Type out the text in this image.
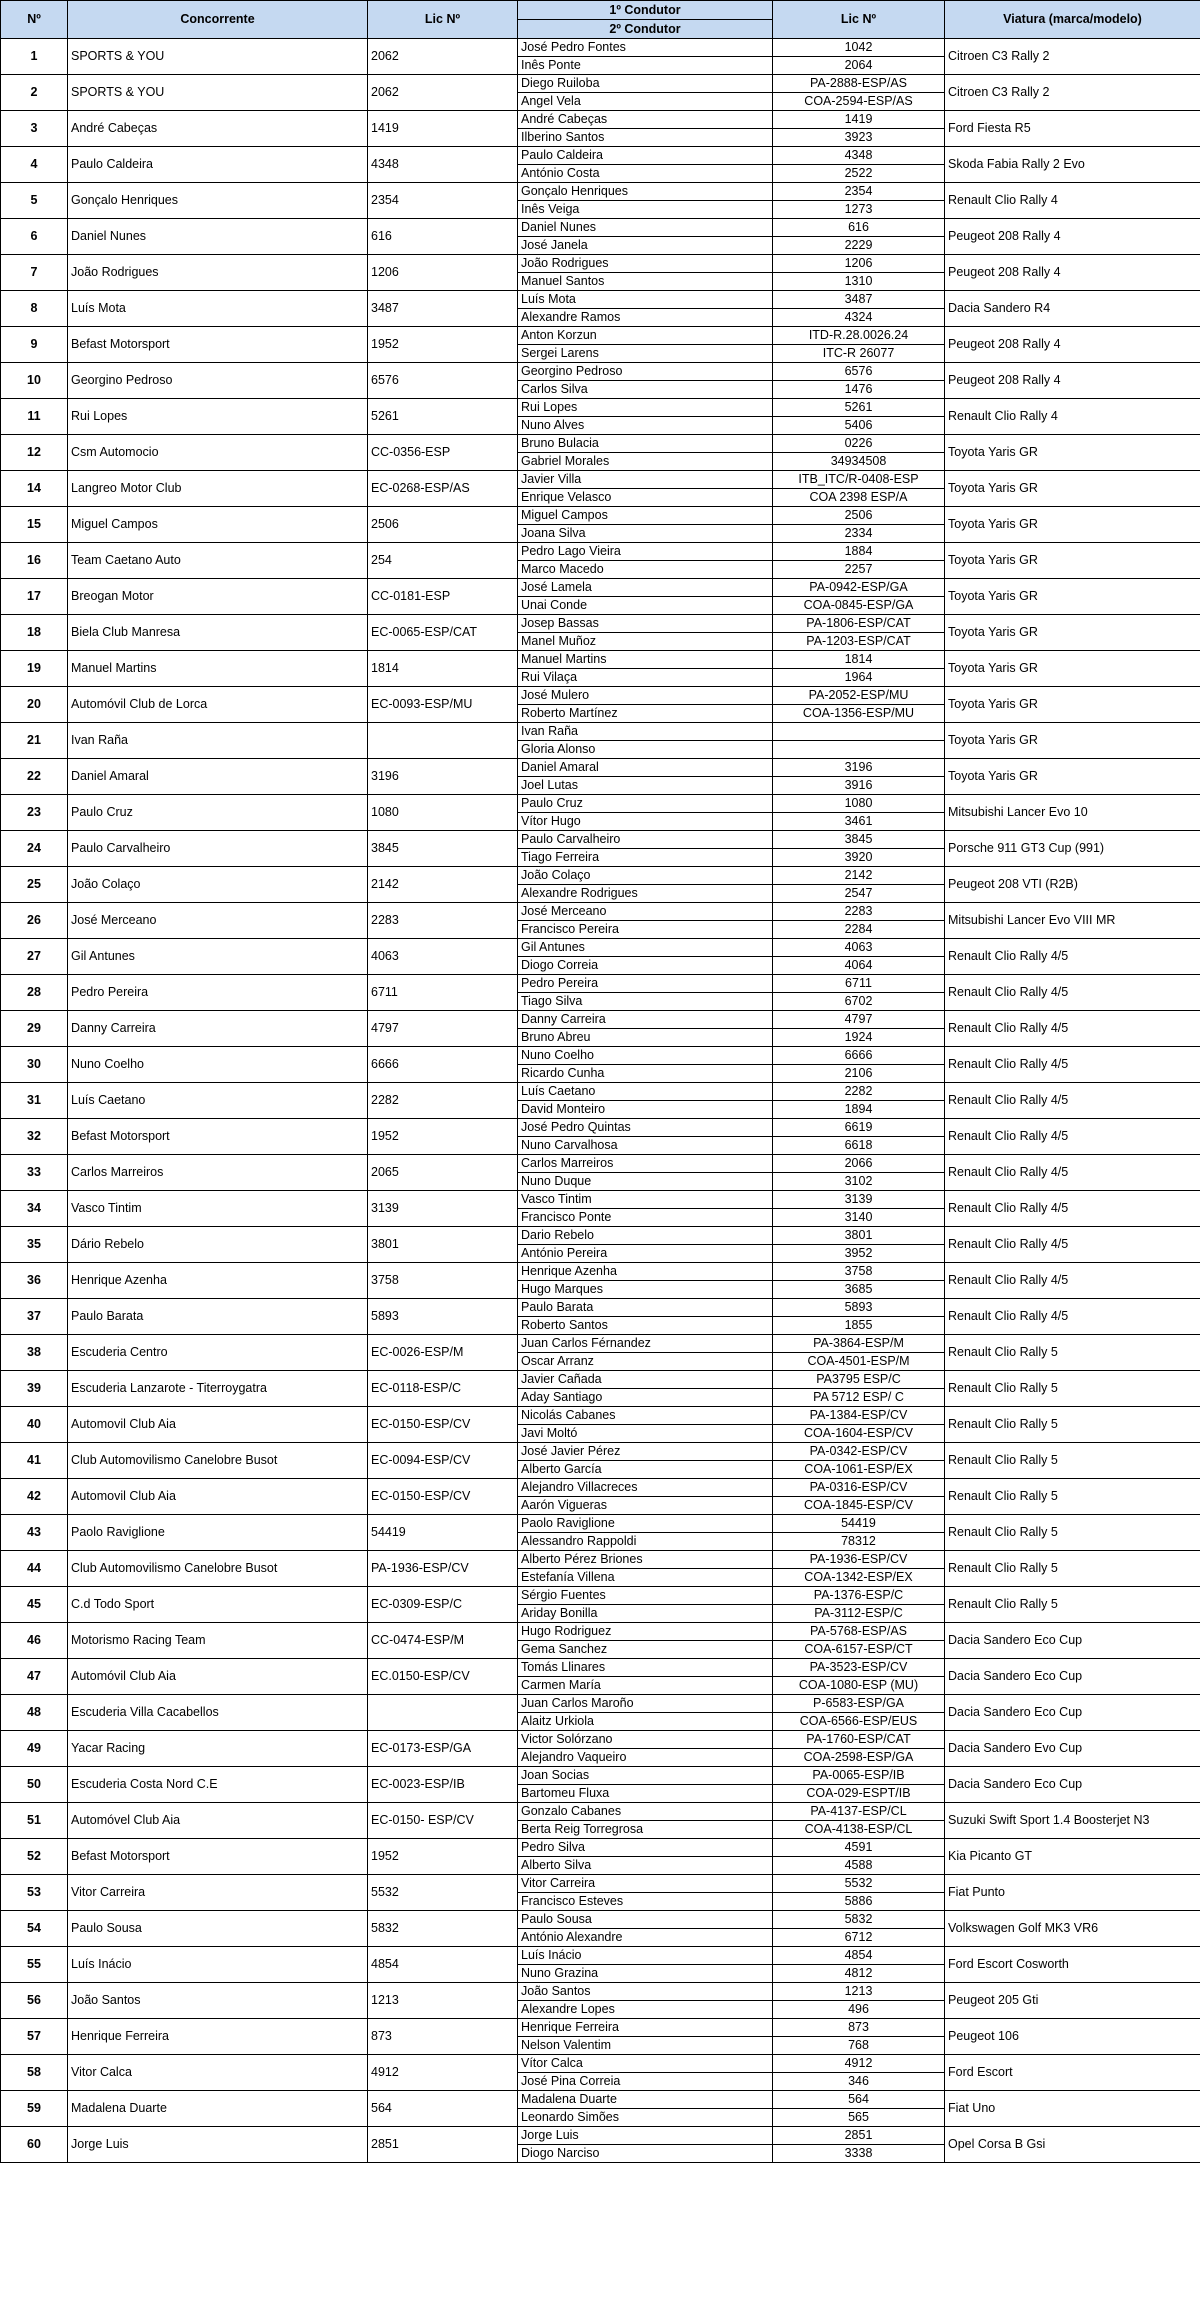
Nº	Concorrente	Lic Nº	1º Condutor	Lic Nº	Viatura (marca/modelo)
			2º Condutor		
1	SPORTS & YOU	2062	José Pedro Fontes	1042	Citroen C3 Rally 2
			Inês Ponte	2064	
2	SPORTS & YOU	2062	Diego Ruiloba	PA-2888-ESP/AS	Citroen C3 Rally 2
			Angel Vela	COA-2594-ESP/AS	
3	André Cabeças	1419	André Cabeças	1419	Ford Fiesta R5
			Ilberino Santos	3923	
4	Paulo Caldeira	4348	Paulo Caldeira	4348	Skoda Fabia Rally 2 Evo
			António Costa	2522	
5	Gonçalo Henriques	2354	Gonçalo Henriques	2354	Renault Clio Rally 4
			Inês Veiga	1273	
6	Daniel Nunes	616	Daniel Nunes	616	Peugeot 208 Rally 4
			José Janela	2229	
7	João Rodrigues	1206	João Rodrigues	1206	Peugeot 208 Rally 4
			Manuel Santos	1310	
8	Luís Mota	3487	Luís Mota	3487	Dacia Sandero R4
			Alexandre Ramos	4324	
9	Befast Motorsport	1952	Anton Korzun	ITD-R.28.0026.24	Peugeot 208 Rally 4
			Sergei Larens	ITC-R 26077	
10	Georgino Pedroso	6576	Georgino Pedroso	6576	Peugeot 208 Rally 4
			Carlos Silva	1476	
11	Rui Lopes	5261	Rui Lopes	5261	Renault Clio Rally 4
			Nuno Alves	5406	
12	Csm Automocio	CC-0356-ESP	Bruno Bulacia	0226	Toyota Yaris GR
			Gabriel Morales	34934508	
14	Langreo Motor Club	EC-0268-ESP/AS	Javier Villa	ITB_ITC/R-0408-ESP	Toyota Yaris GR
			Enrique Velasco	COA 2398 ESP/A	
15	Miguel Campos	2506	Miguel Campos	2506	Toyota Yaris GR
			Joana Silva	2334	
16	Team Caetano Auto	254	Pedro Lago Vieira	1884	Toyota Yaris GR
			Marco Macedo	2257	
17	Breogan Motor	CC-0181-ESP	José Lamela	PA-0942-ESP/GA	Toyota Yaris GR
			Unai Conde	COA-0845-ESP/GA	
18	Biela Club Manresa	EC-0065-ESP/CAT	Josep Bassas	PA-1806-ESP/CAT	Toyota Yaris GR
			Manel Muñoz	PA-1203-ESP/CAT	
19	Manuel Martins	1814	Manuel Martins	1814	Toyota Yaris GR
			Rui Vilaça	1964	
20	Automóvil Club de Lorca	EC-0093-ESP/MU	José Mulero	PA-2052-ESP/MU	Toyota Yaris GR
			Roberto Martínez	COA-1356-ESP/MU	
21	Ivan Raña		Ivan Raña		Toyota Yaris GR
			Gloria Alonso		
22	Daniel Amaral	3196	Daniel Amaral	3196	Toyota Yaris GR
			Joel Lutas	3916	
23	Paulo Cruz	1080	Paulo Cruz	1080	Mitsubishi Lancer Evo 10
			Vítor Hugo	3461	
24	Paulo Carvalheiro	3845	Paulo Carvalheiro	3845	Porsche 911 GT3 Cup (991)
			Tiago Ferreira	3920	
25	João Colaço	2142	João Colaço	2142	Peugeot 208 VTI (R2B)
			Alexandre Rodrigues	2547	
26	José Merceano	2283	José Merceano	2283	Mitsubishi Lancer Evo VIII MR
			Francisco Pereira	2284	
27	Gil Antunes	4063	Gil Antunes	4063	Renault Clio Rally 4/5
			Diogo Correia	4064	
28	Pedro Pereira	6711	Pedro Pereira	6711	Renault Clio Rally 4/5
			Tiago Silva	6702	
29	Danny Carreira	4797	Danny Carreira	4797	Renault Clio Rally 4/5
			Bruno Abreu	1924	
30	Nuno Coelho	6666	Nuno Coelho	6666	Renault Clio Rally 4/5
			Ricardo Cunha	2106	
31	Luís Caetano	2282	Luís Caetano	2282	Renault Clio Rally 4/5
			David Monteiro	1894	
32	Befast Motorsport	1952	José Pedro Quintas	6619	Renault Clio Rally 4/5
			Nuno Carvalhosa	6618	
33	Carlos Marreiros	2065	Carlos Marreiros	2066	Renault Clio Rally 4/5
			Nuno Duque	3102	
34	Vasco Tintim	3139	Vasco Tintim	3139	Renault Clio Rally 4/5
			Francisco Ponte	3140	
35	Dário Rebelo	3801	Dario Rebelo	3801	Renault Clio Rally 4/5
			António Pereira	3952	
36	Henrique Azenha	3758	Henrique Azenha	3758	Renault Clio Rally 4/5
			Hugo Marques	3685	
37	Paulo Barata	5893	Paulo Barata	5893	Renault Clio Rally 4/5
			Roberto Santos	1855	
38	Escuderia Centro	EC-0026-ESP/M	Juan Carlos Férnandez	PA-3864-ESP/M	Renault Clio Rally 5
			Oscar Arranz	COA-4501-ESP/M	
39	Escuderia Lanzarote - Titerroygatra	EC-0118-ESP/C	Javier Cañada	PA3795 ESP/C	Renault Clio Rally 5
			Aday Santiago	PA 5712 ESP/ C	
40	Automovil Club Aia	EC-0150-ESP/CV	Nicolás Cabanes	PA-1384-ESP/CV	Renault Clio Rally 5
			Javi Moltó	COA-1604-ESP/CV	
41	Club Automovilismo Canelobre Busot	EC-0094-ESP/CV	José Javier Pérez	PA-0342-ESP/CV	Renault Clio Rally 5
			Alberto García	COA-1061-ESP/EX	
42	Automovil Club Aia	EC-0150-ESP/CV	Alejandro Villacreces	PA-0316-ESP/CV	Renault Clio Rally 5
			Aarón Vigueras	COA-1845-ESP/CV	
43	Paolo Raviglione	54419	Paolo Raviglione	54419	Renault Clio Rally 5
			Alessandro Rappoldi	78312	
44	Club Automovilismo Canelobre Busot	PA-1936-ESP/CV	Alberto Pérez Briones	PA-1936-ESP/CV	Renault Clio Rally 5
			Estefanía Villena	COA-1342-ESP/EX	
45	C.d Todo Sport	EC-0309-ESP/C	Sérgio Fuentes	PA-1376-ESP/C	Renault Clio Rally 5
			Ariday Bonilla	PA-3112-ESP/C	
46	Motorismo Racing Team	CC-0474-ESP/M	Hugo Rodriguez	PA-5768-ESP/AS	Dacia Sandero Eco Cup
			Gema Sanchez	COA-6157-ESP/CT	
47	Automóvil Club Aia	EC.0150-ESP/CV	Tomás Llinares	PA-3523-ESP/CV	Dacia Sandero Eco Cup
			Carmen María	COA-1080-ESP (MU)	
48	Escuderia Villa Cacabellos		Juan Carlos Maroño	P-6583-ESP/GA	Dacia Sandero Eco Cup
			Alaitz Urkiola	COA-6566-ESP/EUS	
49	Yacar Racing	EC-0173-ESP/GA	Victor Solórzano	PA-1760-ESP/CAT	Dacia Sandero Evo Cup
			Alejandro Vaqueiro	COA-2598-ESP/GA	
50	Escuderia Costa Nord C.E	EC-0023-ESP/IB	Joan Socias	PA-0065-ESP/IB	Dacia Sandero Eco Cup
			Bartomeu Fluxa	COA-029-ESPT/IB	
51	Automóvel Club Aia	EC-0150- ESP/CV	Gonzalo Cabanes	PA-4137-ESP/CL	Suzuki Swift Sport 1.4 Boosterjet N3
			Berta Reig Torregrosa	COA-4138-ESP/CL	
52	Befast Motorsport	1952	Pedro Silva	4591	Kia Picanto GT
			Alberto Silva	4588	
53	Vitor Carreira	5532	Vitor Carreira	5532	Fiat Punto
			Francisco Esteves	5886	
54	Paulo Sousa	5832	Paulo Sousa	5832	Volkswagen Golf MK3 VR6
			António Alexandre	6712	
55	Luís Inácio	4854	Luís Inácio	4854	Ford Escort Cosworth
			Nuno Grazina	4812	
56	João Santos	1213	João Santos	1213	Peugeot 205 Gti
			Alexandre Lopes	496	
57	Henrique Ferreira	873	Henrique Ferreira	873	Peugeot 106
			Nelson Valentim	768	
58	Vitor Calca	4912	Vítor Calca	4912	Ford Escort
			José Pina Correia	346	
59	Madalena Duarte	564	Madalena Duarte	564	Fiat Uno
			Leonardo Simões	565	
60	Jorge Luis	2851	Jorge Luis	2851	Opel Corsa B Gsi
			Diogo Narciso	3338	
